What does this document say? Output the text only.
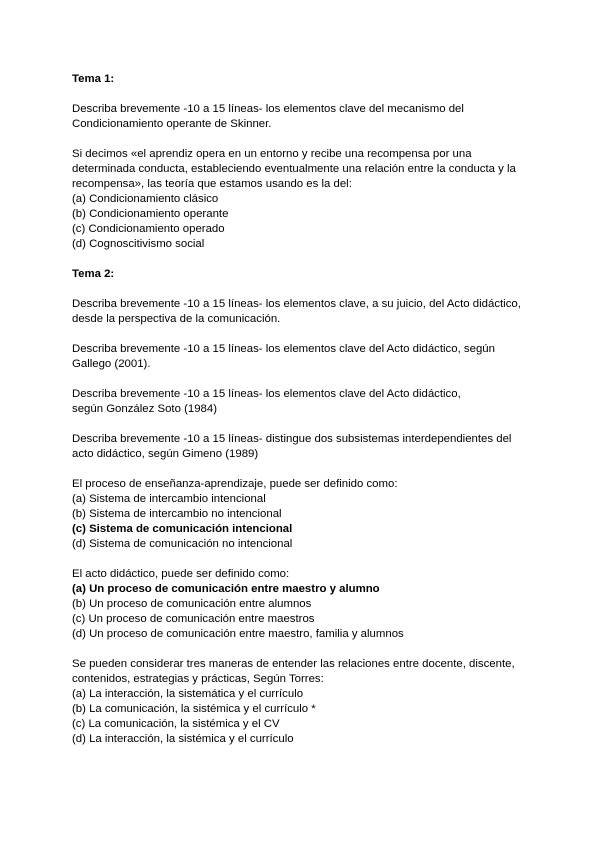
Tema 1:

Describa brevemente -10 a 15 líneas- los elementos clave del mecanismo del Condicionamiento operante de Skinner.

Si decimos «el aprendiz opera en un entorno y recibe una recompensa por una determinada conducta, estableciendo eventualmente una relación entre la conducta y la recompensa», las teoría que estamos usando es la del:

(a) Condicionamiento clásico
(b) Condicionamiento operante
(c) Condicionamiento operado
(d) Cognoscitivismo social

Tema 2:

Describa brevemente -10 a 15 líneas- los elementos clave, a su juicio, del Acto didáctico, desde la perspectiva de la comunicación.

Describa brevemente -10 a 15 líneas- los elementos clave del Acto didáctico, según Gallego (2001).

Describa brevemente -10 a 15 líneas- los elementos clave del Acto didáctico, según González Soto (1984)

Describa brevemente -10 a 15 líneas- distingue dos subsistemas interdependientes del acto didáctico, según Gimeno (1989)

El proceso de enseñanza-aprendizaje, puede ser definido como:

(a) Sistema de intercambio intencional
(b) Sistema de intercambio no intencional
(c) Sistema de comunicación intencional
(d) Sistema de comunicación no intencional

El acto didáctico, puede ser definido como:

(a) Un proceso de comunicación entre maestro y alumno
(b) Un proceso de comunicación entre alumnos
(c) Un proceso de comunicación entre maestros
(d) Un proceso de comunicación entre maestro, familia y alumnos

Se pueden considerar tres maneras de entender las relaciones entre docente, discente, contenidos, estrategias y prácticas, Según Torres:

(a) La interacción, la sistemática y el currículo
(b) La comunicación, la sistémica y el currículo *
(c) La comunicación, la sistémica y el CV
(d) La interacción, la sistémica y el currículo
